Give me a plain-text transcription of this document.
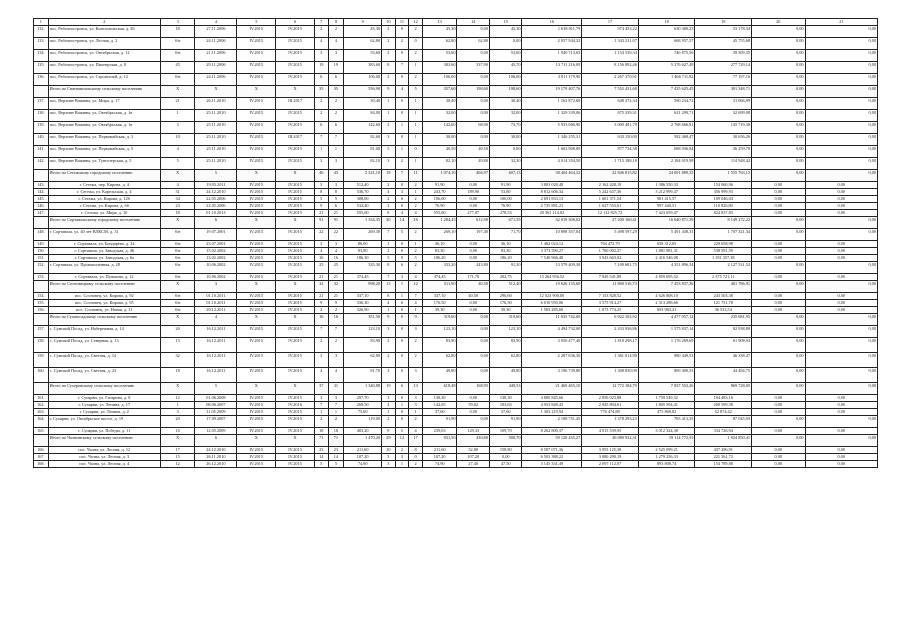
1	2	3	4	5	6	7	8	9	10	11	12	13	14	15	16	17	18	19	20	21
132.	пос. Рабочеостровск, ул. Комсомольская, д. 26	18	27.11.2006	IV.2015	IV.2015	2	2	45,30	2	0	2	45,30	0,00	45,30	1 638 011,79	974 453,22	630 380,23	33 178,34	0,00	0,00
133.	пос. Рабочеостровск, ул. Лесная, д. 2	б/н	24.11.2006	IV.2015	IV.2015	4	4	62,80	2	2	0	62,80	62,80	0,00	2 057 944,32	1 343 231,07	668 957,57	45 755,68	0,00	0,00
134.	пос. Рабочеостровск, ул. Октябрьская, д. 12	б/н	21.11.2006	IV.2015	IV.2015	3	3	53,60	2	0	2	53,60	0,00	53,60	1 940 713,65	1 154 539,34	746 875,56	39 309,35	0,00	0,00
135.	пос. Рабочеостровск, ул. Пионерская, д. 8	45	29.11.2006	IV.2015	IV.2015	19	19	383,60	8	7	1	383,60	337,90	45,70	13 711 216,09	8 156 892,46	5 276 627,49	277 729,14	0,00	0,00
136.	пос. Рабочеостровск, ул. Строителей, д. 12	б/н	24.11.2006	IV.2015	IV.2015	6	6	106,00	2	0	2	106,00	0,00	106,00	3 811 179,90	2 267 370,91	1 466 711,82	77 197,16	0,00	0,00
	Итого по Сватнаволокскому сельскому поселению	X	X	X	X	35	35	556,90	9	4	5	357,60	198,60	198,60	19 179 407,76	7 552 431,60	7 435 625,45	391 348,71	0,00	0,00
137.	пос. Верхние Важины, ул. Мира, д. 17	21	26.11.2010	IV.2015	III.2017	2	2	30,40	1	0	1	30,40	0,00	30,40	1 162 872,60	648 372,34	590 234,72	31 066,99	0,00	0,00
138.	пос. Верхние Важины, ул. Октябрьская, д. 1в	1	25.11.2010	IV.2015	IV.2015	2	2	84,00	1	0	1	32,00	0,00	32,00	1 329 339,06	675 339,31	621 299,71	32 699,08	0,00	0,00
139.	пос. Верхние Важины, ул. Октябрьская, д. 1в	3	25.11.2010	IV.2015	IV.2015	6	6	142,60	2	1	1	142,60	68,90	73,70	5 933 066,90	3 009 481,79	2 768 666,81	145 719,30	0,00	0,00
140.	пос. Верхние Важины, ул. Первомайская, д. 3	10	25.11.2010	IV.2015	III.2017	7	7	82,60	3	0	1	30,00	0,00	30,00	1 346 255,31	633 150,00	582 468,47	30 656,26	0,00	0,00
141.	пос. Верхние Важины, ул. Первомайская, д. 5	4	25.11.2010	IV.2015	IV.2015	1	1	81,00	5	1	0	40,50	40,50	0,00	1 602 908,00	877 734,38	688 936,84	36 259,78	0,00	0,00
142.	пос. Верхние Важины, ул. Тунгозерская, д. 5	5	25.11.2010	IV.2015	IV.2015	3	3	82,10	3	2	1	82,10	49,80	32,30	4 014 354,50	1 715 188,18	2 184 019,98	114 948,42	0,00	0,00
	Итого по Сегежскому городскому поселению	X	5	X	X	46	43	2 321,10	18	7	11	1 074,10	466,97	607,13	58 404 464,32	22 846 815,82	24 001 889,35	1 555 763,15	0,00	0,00
143.	г. Сегежа, пер. Кирова, д. 4	4	19.05.2011	IV.2015	IV.2015	3	3	512,40	2	0	2	91,90	0,00	91,90	3 803 028,48	2 162 428,19	1 386 550,33	154 060,96	0,00	0,00
144.	г. Сегежа, ул. Карельская, д. 4	31	24.12.2010	IV.2015	IV.2015	8	8	536,70	4	3	1	243,70	189,90	53,80	8 812 606,34	5 242 637,36	3 212 999,47	356 999,93	0,00	0,00
145.	г. Сегежа, ул. Кирова, д. 12б	34	22.05.2006	IV.2015	IV.2015	5	5	308,00	2	0	2	106,00	0,00	106,00	2 691 833,13	1 601 371,54	981 415,57	109 046,04	0,00	0,00
146.	г. Сегежа, ул. Кирова, д. 6б	23	22.05.2006	IV.2015	IV.2015	9	6	532,40	2	0	2	76,90	0,00	76,90	2 735 881,21	1 627 553,61	997 440,51	110 826,80	0,00	0,00
147.	г. Сегежа, ул. Мира, д. 10	18	01.10.2013	IV.2015	IV.2015	21	21	555,60	8	4	4	555,60	277,07	278,53	20 361 114,02	12 112 825,72	7 423 659,47	824 837,83	0,00	0,00
	Итого по Сортавальскому городскому поселению	X	6	X	X	91	91	1 334,35	30	14	16	1 284,45	612,90	671,55	32 019 306,02	27 200 160,41	16 640 871,39	8 149 272,22	0,00	0,00
148.	г. Сортавала, ул. 40 лет ВЛКСМ, д. 31	б/н	19.07.2001	IV.2015	IV.2015	22	22	269,30	7	5	2	269,10	197,40	71,70	10 898 357,04	5 498 597,29	5 491 438,31	1 707 321,34	0,00	0,00
149.	г. Сортавала, ул. Бондарева, д. 34	б/н	23.07.2001	IV.2015	IV.2015	3	3	86,00	1	0	1	36,10	0,00	36,10	1 462 024,12	764 472,79	658 312,65	229 658,98	0,00	0,00
150.	г. Сортавала, ул. Заводская, д. 46	б/н	15.02.2002	IV.2015	IV.2015	4	4	83,90	2	0	2	83,30	0,00	83,30	3 373 590,27	1 760 002,37	1 881 981,31	538 591,59	0,00	0,00
151.	г. Сортавала, ул. Заводская, д. 6а	б/н	13.02.2002	IV.2015	IV.2015	16	16	186,30	5	0	5	186,20	0,00	186,20	7 540 966,48	3 943 663,02	2 416 546,08	1 181 357,38	0,00	0,00
152.	г. Сортавала, ул. Промышленная, д. 28	б/н	10.06.2002	IV.2015	IV.2015	25	25	335,30	8	6	2	333,20	243,80	91,30	13 579 409,38	7 100 681,75	4 351 896,34	2 127 531,52	0,00	0,00
153.	г. Сортавала, ул. Пушкина, д. 12	б/н	10.06.2002	IV.2015	IV.2015	21	21	374,45	7	3	4	374,45	171,70	202,75	15 264 956,52	7 929 541,89	4 859 695,52	2 375 721,11	0,00	0,00
	Итого по Сосновецкому сельскому поселению	X	3	X	X	32	32	998,20	13	1	12	511,90	40,50	512,40	19 626 135,60	11 800 516,73	7 453 837,36	401 786,91	0,00	0,00
154.	пос. Сосновец, ул. Кирова, д. 92	б/н	01.10.2011	IV.2015	IV.2015	21	21	337,10	8	1	7	337,10	40,50	296,60	12 023 900,00	7 153 828,52	4 626 808,10	243 503,38	0,00	0,00
155.	пос. Сосновец, ул. Кирова, д. 95	б/н	01.10.2011	IV.2015	IV.2015	9	9	336,30	4	0	4	176,50	0,00	176,50	6 010 950,06	3 575 914,27	2 313 288,66	121 751,78	0,00	0,00
156.	пос. Сосновец, ул. Новая, д. 11	б/н	20.12.2011	IV.2015	IV.2015	2	2	326,90	1	0	1	39,30	0,00	39,30	1 583 285,60	1 073 774,25	693 983,21	36 533,54	0,00	0,00
	Итого по Сумпосадскому сельскому поселению	X	4	X	X	16	16	351,50	9	0	9	319,60	0,00	319,60	11 635 742,00	6 922 102,92	4 477 957,12	235 681,95	0,00	0,00
157.	с. Сумский Посад, ул. Набережная, д. 14	20	16.12.2011	IV.2015	IV.2015	7	7	123,10	3	0	3	123,10	0,00	123,10	4 494 732,00	2 433 936,86	1 575 837,14	82 938,80	0,00	0,00
158.	с. Сумский Посад, ул. Северная, д. 13	13	16.12.2011	IV.2015	IV.2015	2	2	83,90	2	0	2	83,90	0,00	83,90	3 056 477,40	1 818 298,17	1 176 269,69	61 908,94	0,00	0,00
159.	с. Сумский Посад, ул. Светлая, д. 14	32	16.12.2011	IV.2015	IV.2015	3	3	62,80	2	0	2	62,80	0,00	62,80	2 287 836,30	1 361 014,90	880 449,53	46 338,47	0,00	0,00
160.	с. Сумский Посад, ул. Светлая, д. 23	18	16.12.2011	IV.2015	IV.2015	4	4	81,70	3	0	3	49,80	0,00	49,80	3 196 739,80	1 308 830,09	869 400,53	44 494,75	0,00	0,00
	Итого по Сухеровскому сельскому поселению	X	5	X	X	37	31	1 340,88	19	6	13	618,48	168,95	449,53	21 469 465,10	12 772 184,79	7 837 553,26	869 728,05	0,00	0,00
161.	г. Суоярви, ул. Гагарина, д. 8	12	01.06.2008	IV.2015	IV.2015	3	3	297,70	3	0	3	138,30	0,00	138,30	4 800 845,66	2 856 023,88	1 759 549,32	194 483,16	0,00	0,00
162.	г. Суоярви, ул. Ленина, д. 17	1	08.06.2007	IV.2015	IV.2016	7	7	269,50	4	1	3	142,65	59,02	103,63	4 953 848,43	2 945 894,61	1 805 594,41	200 599,38	0,00	0,00
163.	г. Суоярви, ул. Ленина, д. 2	3	11.05.2009	IV.2015	IV.2015	1	1	75,60	1	0	1	37,60	0,00	37,60	1 303 219,94	776 474,88	475 869,82	52 874,42	0,00	0,00
164.	г. Суоярви, ул. Октябрьское шоссе, д. 19	20	17.09.2007	IV.2015	IV.2015	2	2	119,00	2	0	2	91,90	0,00	91,90	2 188 751,45	1 378 293,23	783 413,35	87 045,93	0,00	0,00
165.	г. Суоярви, ул. Победы, д. 11	10	12.05.2009	IV.2015	IV.2015	18	18	483,20	9	5	4	239,03	129,33	109,70	8 262 800,37	4 915 539,95	3 012 324,38	334 726,94	0,00	0,00
	Итого по Чалнинскому сельскому поселению	X	6	X	X	71	71	1 470,20	29	12	17	931,50	430,80	500,70	59 120 435,27	26 080 932,31	19 114 772,55	1 924 850,41	0,00	0,00
166.	пос. Чална, ул. Лесная, д. 12	17	24.12.2010	IV.2015	IV.2015	23	23	211,60	10	2	8	211,60	52,80	158,80	8 587 071,36	3 955 125,38	2 525 099,21	437 296,91	0,00	0,00
167.	пос. Чална, ул. Лесная, д. 3	15	26.11.2010	IV.2015	IV.2015	14	14	107,20	3	3	0	107,20	107,20	0,00	6 503 388,22	3 080 290,19	1 279 256,33	221 561,72	0,00	0,00
168.	пос. Чална, ул. Лесная, д. 4	12	26.12.2010	IV.2015	IV.2015	5	5	74,90	3	1	2	74,90	27,40	47,50	3 145 331,49	2 097 112,87	893 808,74	154 789,88	0,00	0,00
